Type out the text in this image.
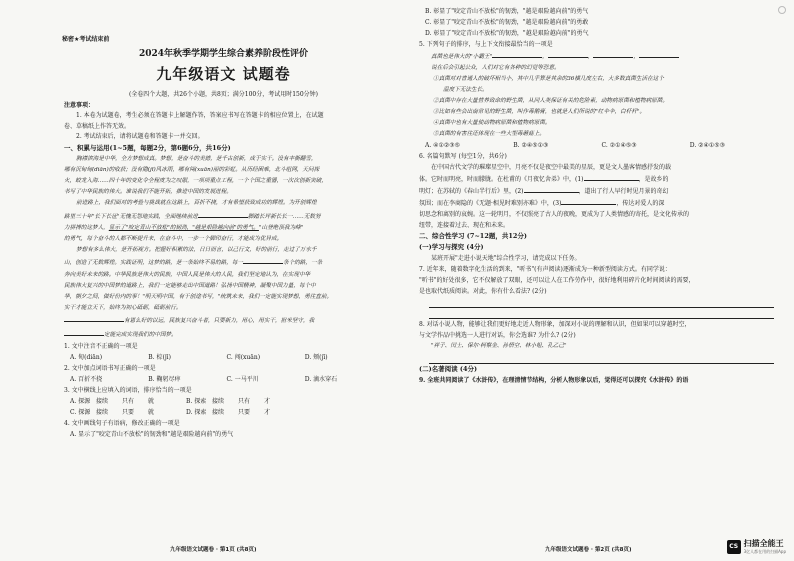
秘密★考试结束前
2024年秋季学期学生综合素养阶段性评价
九年级语文 试题卷
(全卷四个大题，共26个小题，共8页；满分100分，考试用时150分钟)
注意事项：
1. 本卷为试题卷，考生必须在答题卡上解题作答，答案应书写在答题卡的相应位置上，在试题
卷、草稿纸上作答无效。
2. 考试结束后，请将试题卷和答题卡一并交回。
一、积累与运用(1~5题，每题2分，第6题6分，共16分)
胸襟滨海是中华，全方梦想成真。梦想，是奋斗的美德，是千古创新，成于实干。没有丰衡翻雪，
哪有沉甸甸(diān)的收获；没有隐(jī)风冰雨，哪有闯(xuān)丽的彩虹。从历经困难，北斗组网，天问探
火，蛟龙入海……四十年的变化令全程度为之叹服，一项项重点工程，一个个国之重器，一次次创新突破，
书写了中华民族的伟大。谁说我们不能开拓，推进中国的发展进程。
前进路上，我们面对的考验与挑战就在这路上，百折不挠，才有希望获致成功的辉煌。为开创辉煌
路里三十年"长下长征"无愧无怨地实践，全面继续前进	脚踏长坪新长长一……无数努
力拼搏的这梦人，显示了"咬定青山不放松"的韧劲，"越是艰险越向前"的勇气。"山登绝顶我为峰"
的勇气，每个奋斗的人都不断提升来，在奋斗中，一步一个脚印奋行，才能成为优异成。
梦想有多么伟大，是开拓视方。把握好积累的法，日日而言，以己行文，好的前行，走过了万水千
山，创造了无数辉煌。实践证明，这梦的路，是一条始终不易的路，每一	条个的路，一条
奔向美好未来的路。中华民族是伟大的民族，中国人民是伟大的人民，我们坚定地认为，在实现中华
民族伟大复兴的中国梦的道路上，我们一定能够走出中国道路！弘扬中国精神，凝聚中国力量，每个中
华，朝夕之间，做好份内的事！"明天明中国，有干创途书写，"统筑未来，我们一定能实现梦想，勇往直前。
实干才能立天下，始终为初心砥砺，砥砺前行。
有恩么好的以远，民族复兴奋斗者，只要新力，用心，用实干，担米坚守，我
定能完成实现我们的中国梦。
1. 文中注音不正确的一项是
A. 甸(diān)	B. 棕(jī)	C. 闯(xuān)	D. 颊(jī)
2. 文中加点词语书写正确的一项是
A. 百折不挠	B. 鞠躬尽瘁	C. 一马平川	D. 滴水穿石
3. 文中横线上应填入的词语，排序恰当的一项是
A. 探源 接续	只有	就	B. 探索 接续	只有	才
C. 探源 接续	只要	就	D. 探索 接续	只要	才
4. 文中画线句子有语病，修改正确的一项是
A. 显示了"咬定青山不放松"的韧劲和"越是艰险越向前"的勇气
九年级语文试题卷 · 第1页 (共8页)
B. 彰显了"咬定青山不放松"的韧劲，"越是艰险越向前"的勇气
C. 彰显了"咬定青山不放松"的韧劲，"越是艰险越向前"的勇敢
D. 彰显了"咬定青山不放松"的韧劲，"越是艰险越向前"的勇气
5. 下列句子的排序，与上下文衔接最恰当的一项是
真菌也是伟大的"小霸王"	，	，	，
说在后会引起公众，人们对它有各种的幻觉等恐意。
①真菌对对普通人的破坏相当小，其中几乎算是其余的36横几度左右，大多数真菌生活在这个
温度下无法生长。
②真菌中存在大量营养致命的野生菌，从同人类保证有关的危险素，动物病原菌和植物病原菌。
③比如有些会出南常见的野生菌，叫作毒鹅膏，也就是人们所说的"红伞伞，白杆杆"。
④真菌中也有大量使动物病原菌和植物病原菌。
⑤真菌的有害往还体现在一些大型毒蘑菇上。
A. ④①②③⑤	B. ②④⑤①③	C. ②①④⑤③	D. ②④①⑤③
6. 名篇句默写 (每空1分，共6分)
在中国古代文学的璀璨星空中，月亮不仅是夜空中最美的星辰，更是文人墨客情感抒发的载
体。它时而明亮，时而朦胧。在杜甫的《月夜忆舍弟》中，(1)	，是故乡的
明灯；在苏轼的《春山半行后》里，(2)	，道出了行人早行时见月景的奇幻
氛围；而在李商隐的《无题·相见时难别亦难》中，(3)	，传达对爱人的深
切思念和离别的哀婉。这一轮明月，不仅照亮了古人的夜晚，更成为了人类情感的寄托，是文化传承的
纽带，连接着过去、现在和未来。
二、综合性学习 (7~12题，共12分)
(一)学习与探究 (4分)
某班开展"走进小说天地"综合性学习，请完成以下任务。
7. 近年来，随着数字化生活的到来，"听书"(有声阅读)逐渐成为一种新型阅读方式。有同学说：
"听书"的好处很多，它不仅解放了双眼，还可以让人在工作劳作中，很好地利用碎片化时间阅读的需要，
是也取代纸质阅读。对此，你有什么看法? (2分)
8. 对话小说人物，能够让我们更好地走近人物形象，加深对小说的理解和认识，但如果可以穿越时空，
与文学作品中挑选一人进行对话，你会选谁? 为什么? (2分)
"祥子、闰土、保尔·柯察金、孙悟空、林小姐、孔乙己"
(二)名著阅读 (4分)
9. 全班共同阅读了《水浒传》，在理清情节结构，分析人物形象以后，觉得还可以探究《水浒传》的语
九年级语文试题卷 · 第2页 (共8页)	CS 扫描全能王
3亿人都在用的扫描App
